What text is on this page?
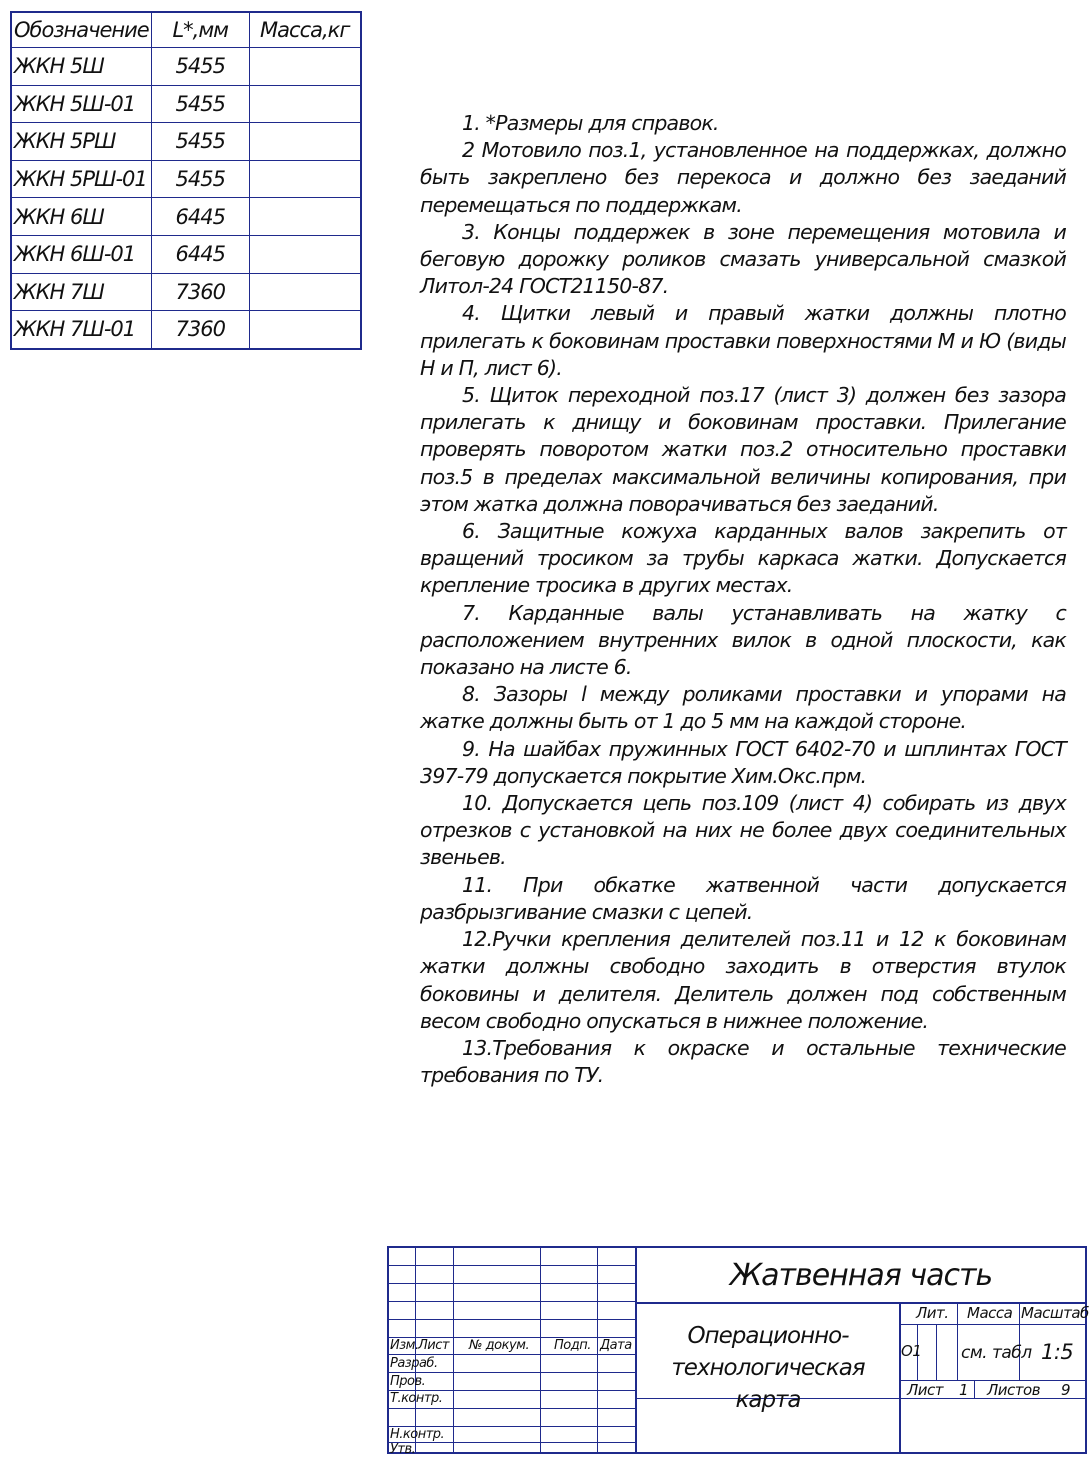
Обозначение	L*,мм	Масса,кг
ЖКН 5Ш	5455	
ЖКН 5Ш-01	5455	
ЖКН 5РШ	5455	
ЖКН 5РШ-01	5455	
ЖКН 6Ш	6445	
ЖКН 6Ш-01	6445	
ЖКН 7Ш	7360	
ЖКН 7Ш-01	7360	

1. *Размеры для справок.

2 Мотовило поз.1, установленное на поддержках, должно быть закреплено без перекоса и должно без заеданий перемещаться по поддержкам.

3. Концы поддержек в зоне перемещения мотовила и беговую дорожку роликов смазать универсальной смазкой Литол-24 ГОСТ21150-87.

4. Щитки левый и правый жатки должны плотно прилегать к боковинам проставки поверхностями М и Ю (виды Н и П, лист 6).

5. Щиток переходной поз.17 (лист 3) должен без зазора прилегать к днищу и боковинам проставки. Прилегание проверять поворотом жатки поз.2 относительно проставки поз.5 в пределах максимальной величины копирования, при этом жатка должна поворачиваться без заеданий.

6. Защитные кожуха карданных валов закрепить от вращений тросиком за трубы каркаса жатки. Допускается крепление тросика в других местах.

7. Карданные валы устанавливать на жатку с расположением внутренних вилок в одной плоскости, как показано на листе 6.

8. Зазоры l между роликами проставки и упорами на жатке должны быть от 1 до 5 мм на каждой стороне.

9. На шайбах пружинных ГОСТ 6402-70 и шплинтах ГОСТ 397-79 допускается покрытие Хим.Окс.прм.

10. Допускается цепь поз.109 (лист 4) собирать из двух отрезков с установкой на них не более двух соединительных звеньев.

11. При обкатке жатвенной части допускается разбрызгивание смазки с цепей.

12.Ручки крепления делителей поз.11 и 12 к боковинам жатки должны свободно заходить в отверстия втулок боковины и делителя. Делитель должен под собственным весом свободно опускаться в нижнее положение.

13.Требования к окраске и остальные технические требования по ТУ.

Изм. Лист № докум. Подп. Дата
Разраб.
Пров.
Т.контр.
Н.контр.
Утв.
Жатвенная часть
Операционно-технологическая
карта
Лит. Масса Масштаб
О1 см. табл 1:5
Лист 1 Листов 9
